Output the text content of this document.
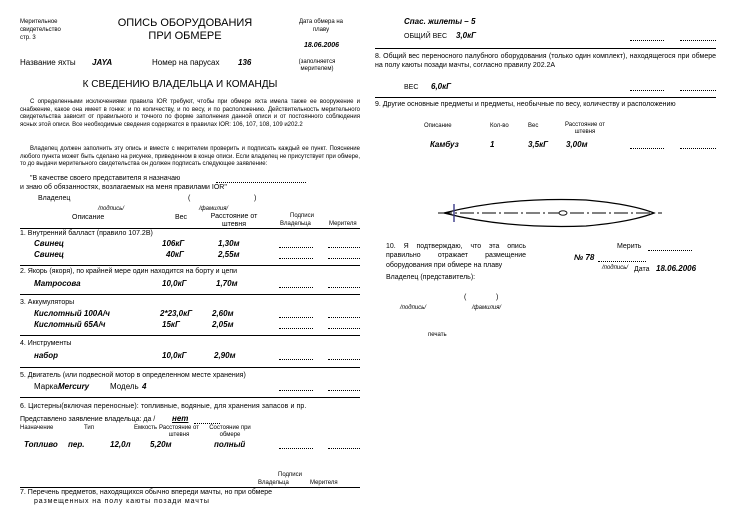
Мерительное свидетельство стр. 3
ОПИСЬ ОБОРУДОВАНИЯ
ПРИ ОБМЕРЕ
Дата обмера на плаву
18.06.2006
Название яхты JAYA	Номер на парусах 136	(заполняется мерителем)
К СВЕДЕНИЮ ВЛАДЕЛЬЦА И КОМАНДЫ
С определенными исключениями правила IOR требуют, чтобы при обмере яхта имела также ее вооружение и снабжение, какое она имеет в гонке: и по количеству, и по весу, и по расположению. Действительность мерительного свидетельства зависит от правильного и точного по форме заполнения данной описи и от постоянного соблюдения ясных этой описи. Все необходимые сведения содержатся в правилах IOR: 106, 107, 108, 109 и202.2
Владелец должен заполнить эту опись и вместе с мерителем проверить и подписать каждый ее пункт. Пояснение любого пункта может быть сделано на рисунке, приведенном в конце описи. Если владелец не присутствует при обмере, то до выдачи мерительного свидетельства он должен подписать следующее заявление:
"В качестве своего представителя я назначаю
и знаю об обязанностях, возлагаемых на меня правилами IOR"
Владелец	(	)
/подпись/	/фамилия/
Описание	Вес	Расстояние от штевня
Подписи
Владельца	Мерителя
1. Внутренний балласт (правило 107.2В)
Свинец	106кГ	1,30м
Свинец	40кГ	2,55м
2. Якорь (якоря), по крайней мере один находится на борту и цепи
Матросова	10,0кГ	1,70м
3. Аккумуляторы
Кислотный 100А/ч	2*23,0кГ 2,60м
Кислотный 65А/ч	15кГ	2,05м
4. Инструменты
набор	10,0кГ	2,90м
5. Двигатель (или подвесной мотор в определенном месте хранения)
Марка Mercury	Модель 4
6. Цистерны(включая переносные): топливные, водяные, для хранения запасов и пр.
Представлено заявление владельца: да / нет
Назначение	Тип	Емкость Расстояние от штевня
Состояние при обмере
Топливо пер.	12,0л 5,20м	полный
Подписи
Владельца	Мерителя
7. Перечень предметов, находящихся обычно впереди мачты, но при обмере
размещенных на полу каюты позади мачты
Спас. жилеты – 5
ОБЩИЙ ВЕС 3,0кГ
8. Общий вес переносного палубного оборудования (только один комплект), находящегося при обмере на полу каюты позади мачты, согласно правилу 202.2А
ВЕС 6,0кГ
9. Другие основные предметы и предметы, необычные по весу, количеству и расположению
Описание	Кол-во	Вес	Расстояние от штевня
Камбуз	1	3,5кГ 3,00м
10. Я подтверждаю, что эта опись правильно отражает размещение оборудования при обмере на плаву
Мерить
№ 78
/подпись/ Дата 18.06.2006
Владелец (представитель):
(	)
/подпись/	/фамилия/
печать
